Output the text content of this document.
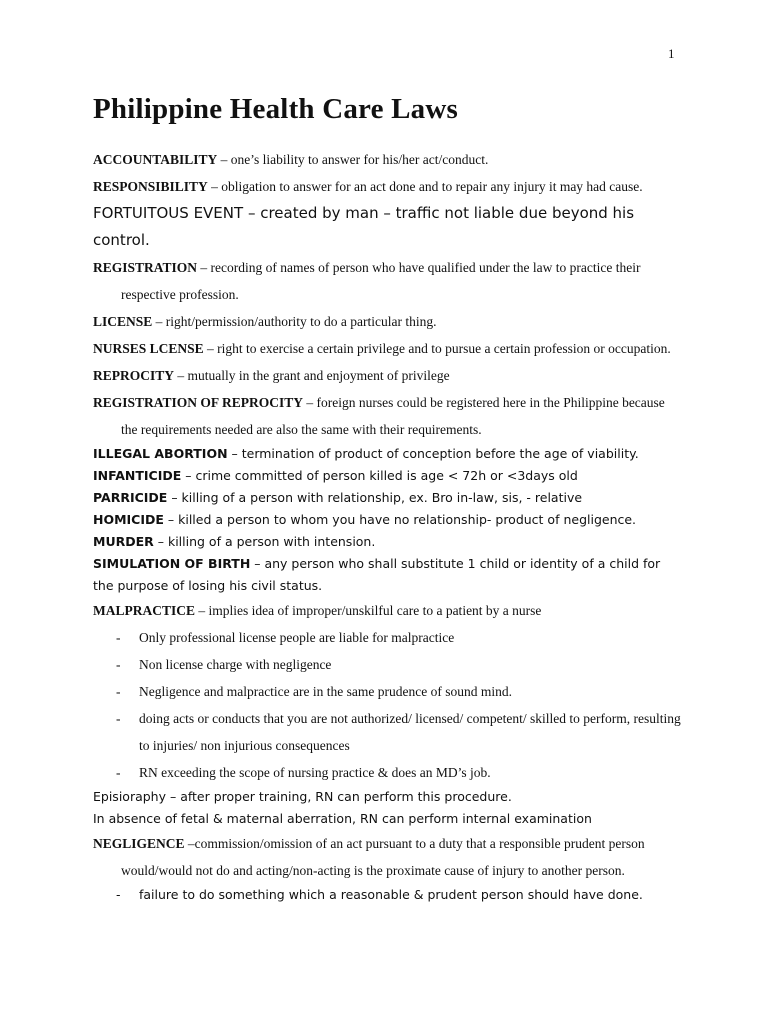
1
Philippine Health Care Laws

ACCOUNTABILITY – one’s liability to answer for his/her act/conduct.

RESPONSIBILITY – obligation to answer for an act done and to repair any injury it may had cause.

FORTUITOUS EVENT – created by man – traffic not liable due beyond his control.

REGISTRATION – recording of names of person who have qualified under the law to practice their respective profession.

LICENSE – right/permission/authority to do a particular thing.

NURSES LCENSE – right to exercise a certain privilege and to pursue a certain profession or occupation.

REPROCITY – mutually in the grant and enjoyment of privilege

REGISTRATION OF REPROCITY – foreign nurses could be registered here in the Philippine because the requirements needed are also the same with their requirements.

ILLEGAL ABORTION – termination of product of conception before the age of viability.

INFANTICIDE – crime committed of person killed is age < 72h or <3days old

PARRICIDE – killing of a person with relationship, ex. Bro in-law, sis, - relative

HOMICIDE – killed a person to whom you have no relationship- product of negligence.

MURDER – killing of a person with intension.

SIMULATION OF BIRTH – any person who shall substitute 1 child or identity of a child for the purpose of losing his civil status.

MALPRACTICE – implies idea of improper/unskilful care to a patient by a nurse

- Only professional license people are liable for malpractice
- Non license charge with negligence
- Negligence and malpractice are in the same prudence of sound mind.
- doing acts or conducts that you are not authorized/ licensed/ competent/ skilled to perform, resulting to injuries/ non injurious consequences
- RN exceeding the scope of nursing practice & does an MD’s job.

Episioraphy – after proper training, RN can perform this procedure.

In absence of fetal & maternal aberration, RN can perform internal examination

NEGLIGENCE –commission/omission of an act pursuant to a duty that a responsible prudent person would/would not do and acting/non-acting is the proximate cause of injury to another person.

- failure to do something which a reasonable & prudent person should have done.
